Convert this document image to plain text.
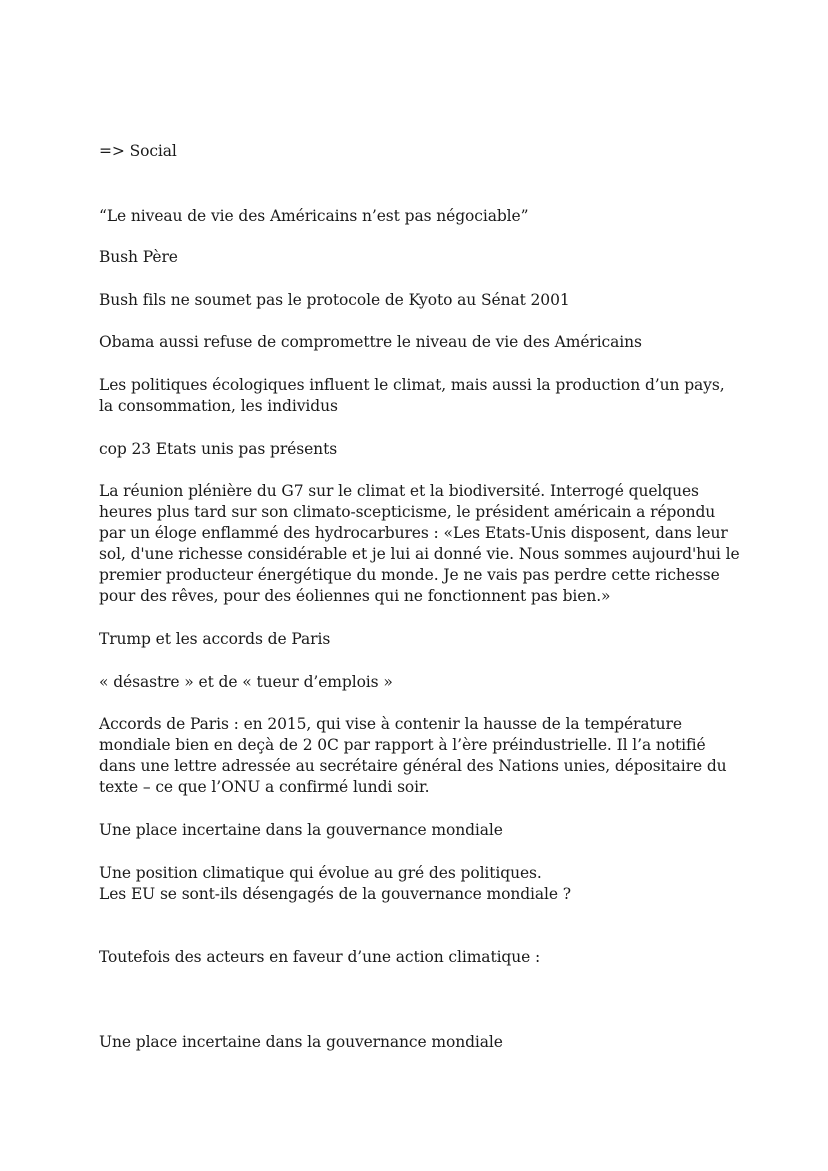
=> Social

“Le niveau de vie des Américains n’est pas négociable”

Bush Père

Bush fils ne soumet pas le protocole de Kyoto au Sénat 2001

Obama aussi refuse de compromettre le niveau de vie des Américains

Les politiques écologiques influent le climat, mais aussi la production d’un pays,
la consommation, les individus

cop 23 Etats unis pas présents

La réunion plénière du G7 sur le climat et la biodiversité. Interrogé quelques
heures plus tard sur son climato-scepticisme, le président américain a répondu
par un éloge enflammé des hydrocarbures : «Les Etats-Unis disposent, dans leur
sol, d'une richesse considérable et je lui ai donné vie. Nous sommes aujourd'hui le
premier producteur énergétique du monde. Je ne vais pas perdre cette richesse
pour des rêves, pour des éoliennes qui ne fonctionnent pas bien.»

Trump et les accords de Paris

« désastre » et de « tueur d’emplois »

Accords de Paris : en 2015, qui vise à contenir la hausse de la température
mondiale bien en deçà de 2 0C par rapport à l’ère préindustrielle. Il l’a notifié
dans une lettre adressée au secrétaire général des Nations unies, dépositaire du
texte – ce que l’ONU a confirmé lundi soir.

Une place incertaine dans la gouvernance mondiale

Une position climatique qui évolue au gré des politiques.
Les EU se sont-ils désengagés de la gouvernance mondiale ?

Toutefois des acteurs en faveur d’une action climatique :

Une place incertaine dans la gouvernance mondiale
